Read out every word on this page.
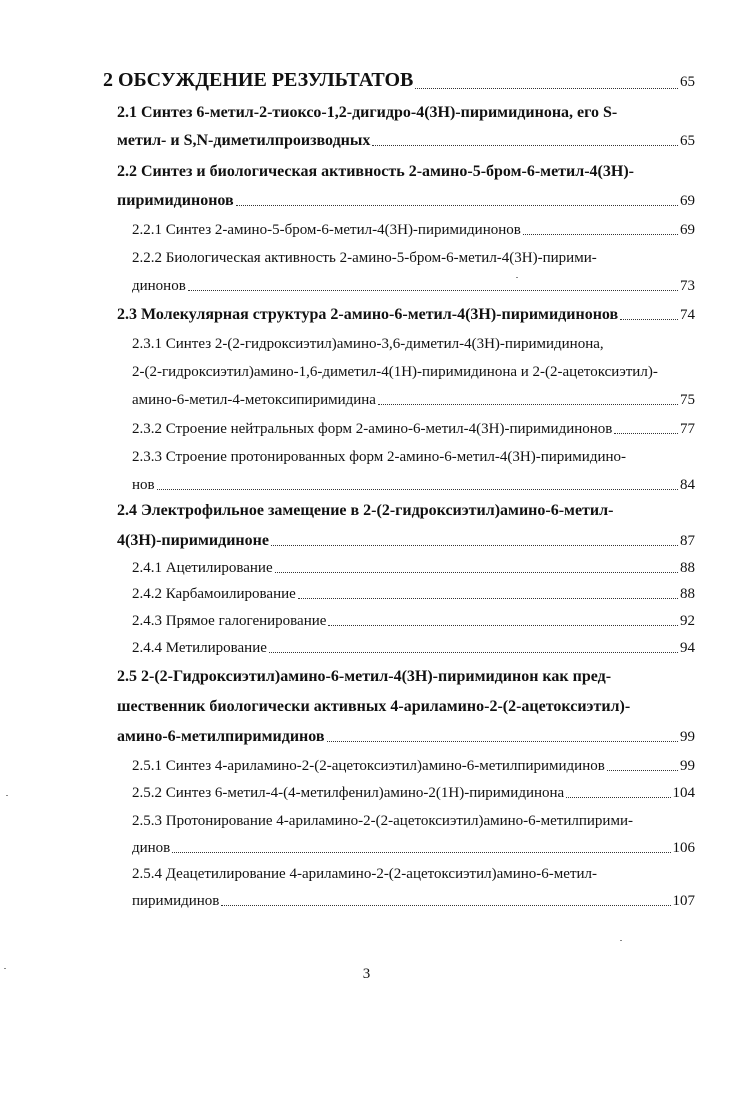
2 ОБСУЖДЕНИЕ РЕЗУЛЬТАТОВ	65
2.1 Синтез 6-метил-2-тиоксо-1,2-дигидро-4(3H)-пиримидинона, его S-
метил- и S,N-диметилпроизводных	65
2.2 Синтез и биологическая активность 2-амино-5-бром-6-метил-4(3H)-
пиримидинонов	69
2.2.1 Синтез 2-амино-5-бром-6-метил-4(3H)-пиримидинонов	69
2.2.2 Биологическая активность 2-амино-5-бром-6-метил-4(3H)-пирими-
динонов	73
2.3 Молекулярная структура 2-амино-6-метил-4(3H)-пиримидинонов	74
2.3.1 Синтез 2-(2-гидроксиэтил)амино-3,6-диметил-4(3H)-пиримидинона,
2-(2-гидроксиэтил)амино-1,6-диметил-4(1H)-пиримидинона и 2-(2-ацетоксиэтил)-
амино-6-метил-4-метоксипиримидина	75
2.3.2 Строение нейтральных форм 2-амино-6-метил-4(3H)-пиримидинонов	77
2.3.3 Строение протонированных форм 2-амино-6-метил-4(3H)-пиримидино-
нов	84
2.4 Электрофильное замещение в 2-(2-гидроксиэтил)амино-6-метил-
4(3H)-пиримидиноне	87
2.4.1 Ацетилирование	88
2.4.2 Карбамоилирование	88
2.4.3 Прямое галогенирование	92
2.4.4 Метилирование	94
2.5 2-(2-Гидроксиэтил)амино-6-метил-4(3H)-пиримидинон как пред-
шественник биологически активных 4-ариламино-2-(2-ацетоксиэтил)-
амино-6-метилпиримидинов	99
2.5.1 Синтез 4-ариламино-2-(2-ацетоксиэтил)амино-6-метилпиримидинов	99
2.5.2 Синтез 6-метил-4-(4-метилфенил)амино-2(1H)-пиримидинона	104
2.5.3 Протонирование 4-ариламино-2-(2-ацетоксиэтил)амино-6-метилпирими-
динов	106
2.5.4 Деацетилирование 4-ариламино-2-(2-ацетоксиэтил)амино-6-метил-
пиримидинов	107
3
